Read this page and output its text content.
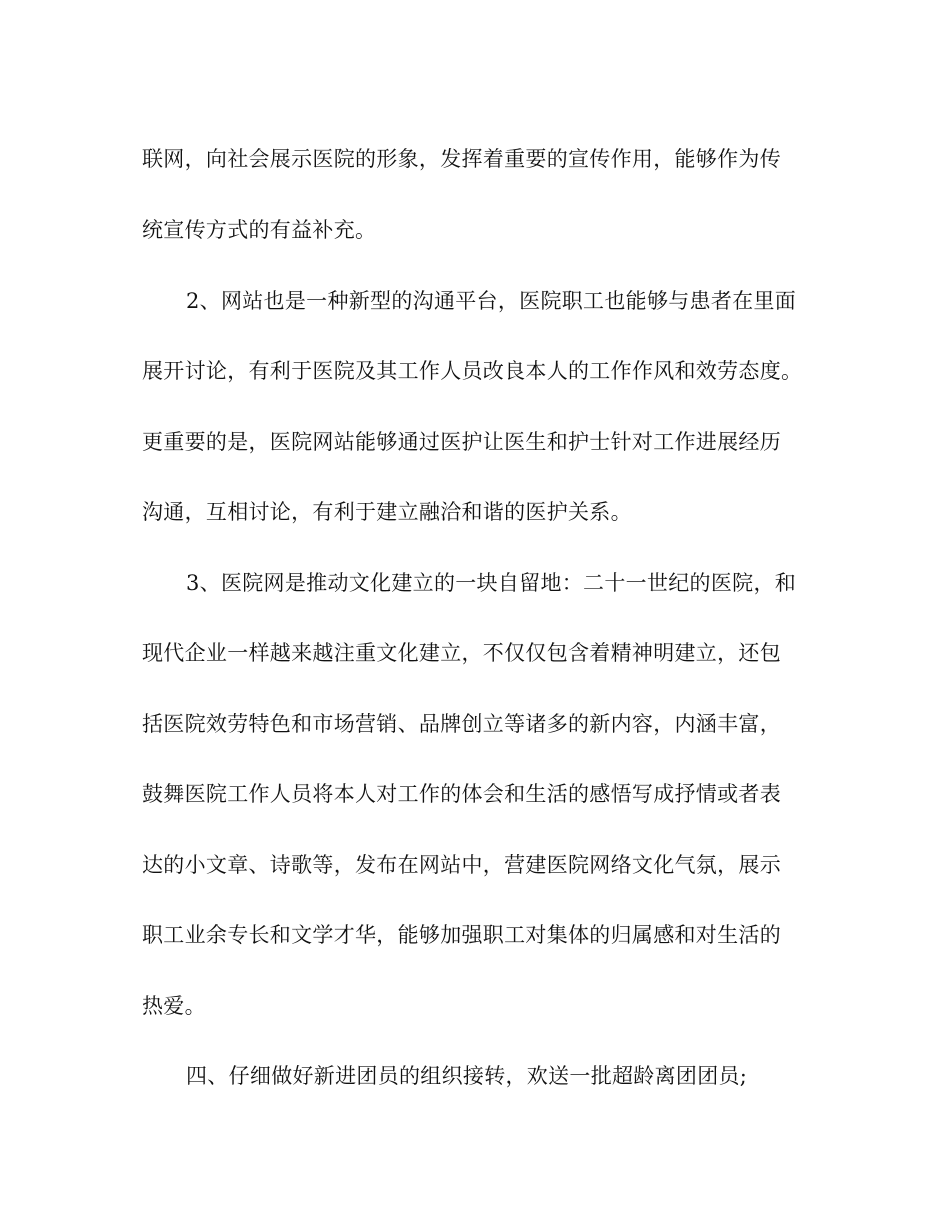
联网，向社会展示医院的形象，发挥着重要的宣传作用，能够作为传
统宣传方式的有益补充。
2、网站也是一种新型的沟通平台，医院职工也能够与患者在里面
展开讨论，有利于医院及其工作人员改良本人的工作作风和效劳态度。
更重要的是，医院网站能够通过医护让医生和护士针对工作进展经历
沟通，互相讨论，有利于建立融洽和谐的医护关系。
3、医院网是推动文化建立的一块自留地：二十一世纪的医院，和
现代企业一样越来越注重文化建立，不仅仅包含着精神明建立，还包
括医院效劳特色和市场营销、品牌创立等诸多的新内容，内涵丰富，
鼓舞医院工作人员将本人对工作的体会和生活的感悟写成抒情或者表
达的小文章、诗歌等，发布在网站中，营建医院网络文化气氛，展示
职工业余专长和文学才华，能够加强职工对集体的归属感和对生活的
热爱。
四、仔细做好新进团员的组织接转，欢送一批超龄离团团员;
